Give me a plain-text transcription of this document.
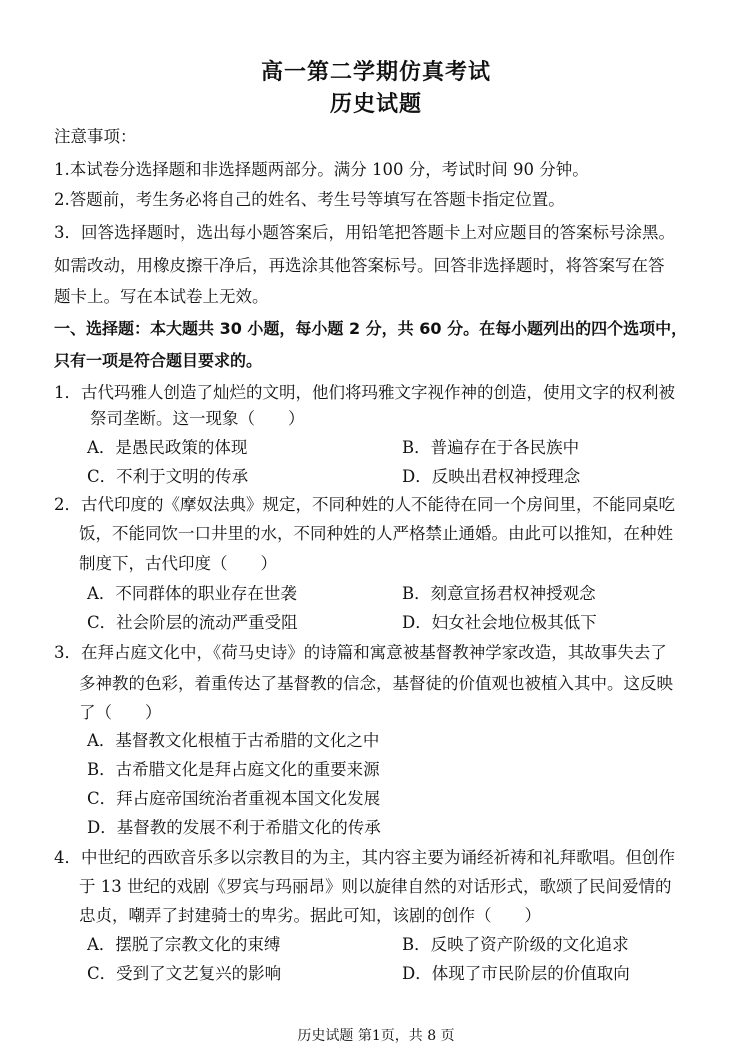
高一第二学期仿真考试
历史试题
注意事项：
1.本试卷分选择题和非选择题两部分。满分 100 分，考试时间 90 分钟。
2.答题前，考生务必将自己的姓名、考生号等填写在答题卡指定位置。
3．回答选择题时，选出每小题答案后，用铅笔把答题卡上对应题目的答案标号涂黑。
如需改动，用橡皮擦干净后，再选涂其他答案标号。回答非选择题时，将答案写在答
题卡上。写在本试卷上无效。
一、选择题：本大题共 30 小题，每小题 2 分，共 60 分。在每小题列出的四个选项中，
只有一项是符合题目要求的。
1．古代玛雅人创造了灿烂的文明，他们将玛雅文字视作神的创造，使用文字的权利被
祭司垄断。这一现象（　　）
A．是愚民政策的体现	B．普遍存在于各民族中
C．不利于文明的传承	D．反映出君权神授理念
2．古代印度的《摩奴法典》规定，不同种姓的人不能待在同一个房间里，不能同桌吃
饭，不能同饮一口井里的水，不同种姓的人严格禁止通婚。由此可以推知，在种姓
制度下，古代印度（　　）
A．不同群体的职业存在世袭	B．刻意宣扬君权神授观念
C．社会阶层的流动严重受阻	D．妇女社会地位极其低下
3．在拜占庭文化中，《荷马史诗》的诗篇和寓意被基督教神学家改造，其故事失去了
多神教的色彩，着重传达了基督教的信念，基督徒的价值观也被植入其中。这反映
了（　　）
A．基督教文化根植于古希腊的文化之中
B．古希腊文化是拜占庭文化的重要来源
C．拜占庭帝国统治者重视本国文化发展
D．基督教的发展不利于希腊文化的传承
4．中世纪的西欧音乐多以宗教目的为主，其内容主要为诵经祈祷和礼拜歌唱。但创作
于 13 世纪的戏剧《罗宾与玛丽昂》则以旋律自然的对话形式，歌颂了民间爱情的
忠贞，嘲弄了封建骑士的卑劣。据此可知，该剧的创作（　　）
A．摆脱了宗教文化的束缚	B．反映了资产阶级的文化追求
C．受到了文艺复兴的影响	D．体现了市民阶层的价值取向
历史试题 第1页，共 8 页
